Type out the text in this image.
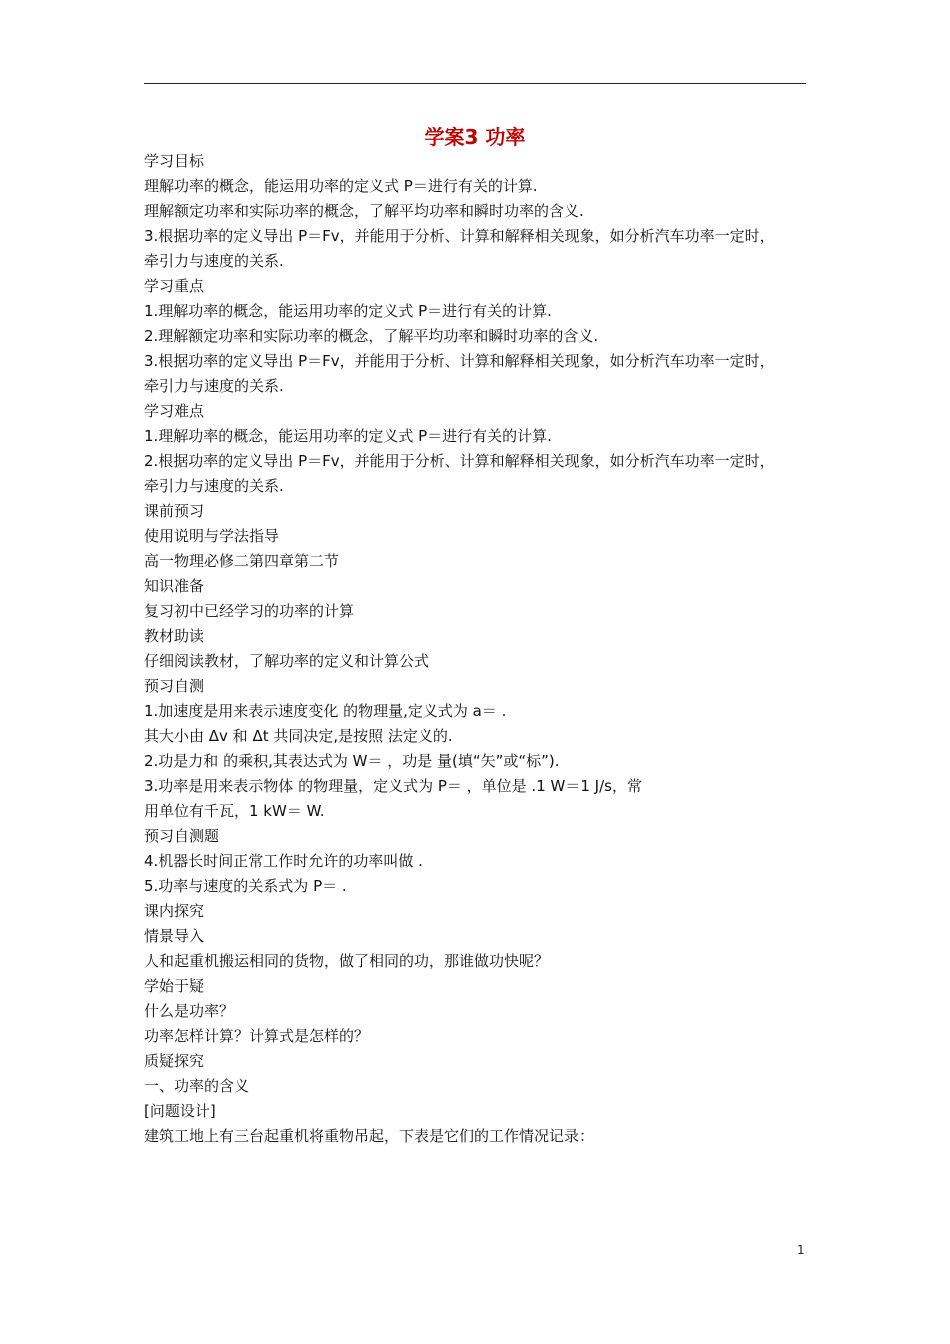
学案3 功率
学习目标
理解功率的概念，能运用功率的定义式 P＝进行有关的计算.
理解额定功率和实际功率的概念，了解平均功率和瞬时功率的含义.
3.根据功率的定义导出 P＝Fv，并能用于分析、计算和解释相关现象，如分析汽车功率一定时，
牵引力与速度的关系.
学习重点
1.理解功率的概念，能运用功率的定义式 P＝进行有关的计算.
2.理解额定功率和实际功率的概念，了解平均功率和瞬时功率的含义.
3.根据功率的定义导出 P＝Fv，并能用于分析、计算和解释相关现象，如分析汽车功率一定时，
牵引力与速度的关系.
学习难点
1.理解功率的概念，能运用功率的定义式 P＝进行有关的计算.
2.根据功率的定义导出 P＝Fv，并能用于分析、计算和解释相关现象，如分析汽车功率一定时，
牵引力与速度的关系.
课前预习
使用说明与学法指导
高一物理必修二第四章第二节
知识准备
复习初中已经学习的功率的计算
教材助读
仔细阅读教材，了解功率的定义和计算公式
预习自测
1.加速度是用来表示速度变化 的物理量,定义式为 a＝ .
其大小由 Δv 和 Δt 共同决定,是按照 法定义的.
2.功是力和 的乘积,其表达式为 W＝ ，功是 量(填“矢”或“标”).
3.功率是用来表示物体 的物理量，定义式为 P＝ ，单位是 .1 W＝1 J/s，常
用单位有千瓦，1 kW＝ W.
预习自测题
4.机器长时间正常工作时允许的功率叫做 .
5.功率与速度的关系式为 P＝ .
课内探究
情景导入
人和起重机搬运相同的货物，做了相同的功，那谁做功快呢？
学始于疑
什么是功率？
功率怎样计算？计算式是怎样的？
质疑探究
一、功率的含义
[问题设计]
建筑工地上有三台起重机将重物吊起，下表是它们的工作情况记录：
1
